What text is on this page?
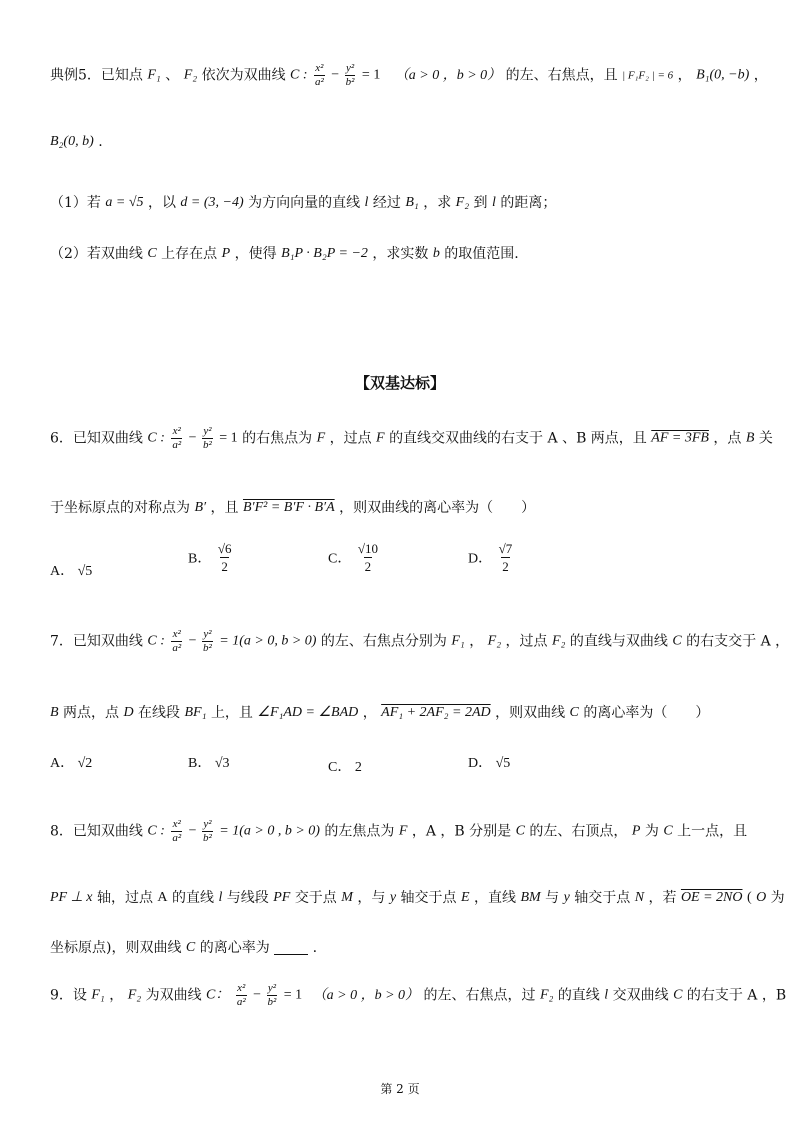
典例5．已知点 F₁ 、 F₂ 依次为双曲线 C : $\frac{\text{x²}}{\text{a²}} - \frac{\text{y²}}{\text{b²}} = 1$ （a > 0 ，b > 0） 的左、右焦点，且 | F₁F₂ | = 6 ， B₁(0, −b) ，
B₂(0, b) .
（1）若 a = √5 ，以 d = (3, −4) 为方向向量的直线 l 经过 B₁ ，求 F₂ 到 l 的距离；
（2）若双曲线 C 上存在点 P ，使得 B₁P · B₂P = −2 ，求实数 b 的取值范围.
【双基达标】
6．已知双曲线 C : $\frac{\text{x²}}{\text{a²}} - \frac{\text{y²}}{\text{b²}} = 1$ 的右焦点为 F ，过点 F 的直线交双曲线的右支于 A 、B 两点，且 AF = 3FB ，点 B 关
于坐标原点的对称点为 B′ ，且 B′F² = B′F · B′A ，则双曲线的离心率为（　　）
A． √5
B． $\frac{√6}{2}$	C． $\frac{√10}{2}$	D． $\frac{√7}{2}$
7．已知双曲线 C : $\frac{\text{x²}}{\text{a²}} - \frac{\text{y²}}{\text{b²}} = 1(a > 0$, b > 0) 的左、右焦点分别为 F₁ ， F₂ ，过点 F₂ 的直线与双曲线 C 的右支交于 A ，
B 两点，点 D 在线段 BF₁ 上，且 ∠F₁AD = ∠BAD ， AF₁ + 2AF₂ = 2AD ，则双曲线 C 的离心率为（　　）
A． √2	B． √3	C． 2	D． √5
8．已知双曲线 C : $\frac{\text{x²}}{\text{a²}} - \frac{\text{y²}}{\text{b²}} = 1(a > 0$ , b > 0) 的左焦点为 F ，A ，B 分别是 C 的左、右顶点， P 为 C 上一点，且
PF ⊥ x 轴，过点 A 的直线 l 与线段 PF 交于点 M ，与 y 轴交于点 E ，直线 BM 与 y 轴交于点 N ，若 OE = 2NO ( O 为
坐标原点)，则双曲线 C 的离心率为	.
9．设 F₁ ， F₂ 为双曲线 C： $\frac{\text{x²}}{\text{a²}} - \frac{\text{y²}}{\text{b²}} = 1$ （a > 0 ，b > 0） 的左、右焦点，过 F₂ 的直线 l 交双曲线 C 的右支于 A ，B
第 2 页
